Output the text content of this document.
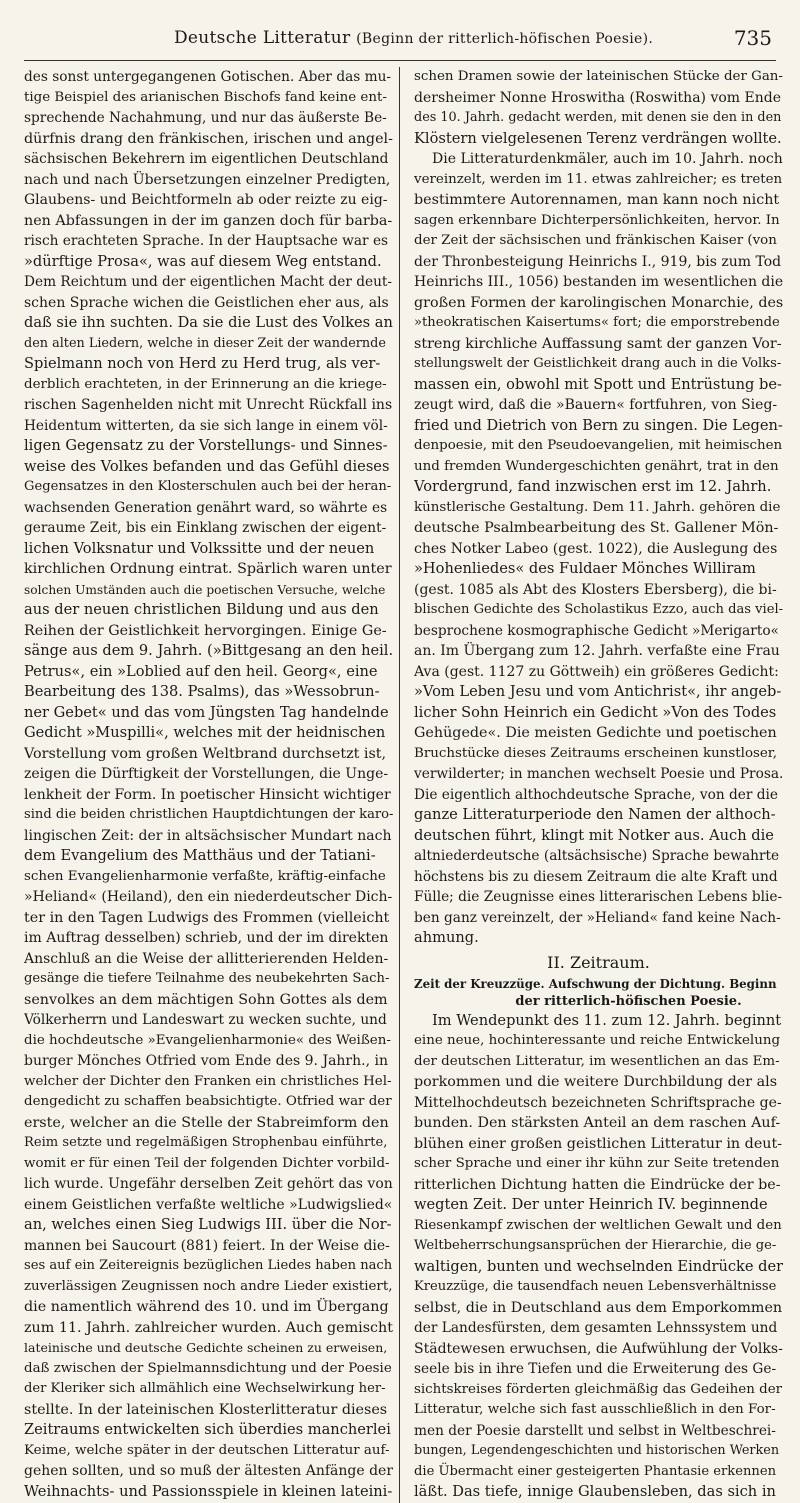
Deutsche Litteratur (Beginn der ritterlich-höfischen Poesie).	735
des sonst untergegangenen Gotischen. Aber das mu-
tige Beispiel des arianischen Bischofs fand keine ent-
sprechende Nachahmung, und nur das äußerste Be-
dürfnis drang den fränkischen, irischen und angel-
sächsischen Bekehrern im eigentlichen Deutschland
nach und nach Übersetzungen einzelner Predigten,
Glaubens- und Beichtformeln ab oder reizte zu eig-
nen Abfassungen in der im ganzen doch für barba-
risch erachteten Sprache. In der Hauptsache war es
»dürftige Prosa«, was auf diesem Weg entstand.
Dem Reichtum und der eigentlichen Macht der deut-
schen Sprache wichen die Geistlichen eher aus, als
daß sie ihn suchten. Da sie die Lust des Volkes an
den alten Liedern, welche in dieser Zeit der wandernde
Spielmann noch von Herd zu Herd trug, als ver-
derblich erachteten, in der Erinnerung an die kriege-
rischen Sagenhelden nicht mit Unrecht Rückfall ins
Heidentum witterten, da sie sich lange in einem völ-
ligen Gegensatz zu der Vorstellungs- und Sinnes-
weise des Volkes befanden und das Gefühl dieses
Gegensatzes in den Klosterschulen auch bei der heran-
wachsenden Generation genährt ward, so währte es
geraume Zeit, bis ein Einklang zwischen der eigent-
lichen Volksnatur und Volkssitte und der neuen
kirchlichen Ordnung eintrat. Spärlich waren unter
solchen Umständen auch die poetischen Versuche, welche
aus der neuen christlichen Bildung und aus den
Reihen der Geistlichkeit hervorgingen. Einige Ge-
sänge aus dem 9. Jahrh. (»Bittgesang an den heil.
Petrus«, ein »Loblied auf den heil. Georg«, eine
Bearbeitung des 138. Psalms), das »Wessobrun-
ner Gebet« und das vom Jüngsten Tag handelnde
Gedicht »Muspilli«, welches mit der heidnischen
Vorstellung vom großen Weltbrand durchsetzt ist,
zeigen die Dürftigkeit der Vorstellungen, die Unge-
lenkheit der Form. In poetischer Hinsicht wichtiger
sind die beiden christlichen Hauptdichtungen der karo-
lingischen Zeit: der in altsächsischer Mundart nach
dem Evangelium des Matthäus und der Tatiani-
schen Evangelienharmonie verfaßte, kräftig-einfache
»Heliand« (Heiland), den ein niederdeutscher Dich-
ter in den Tagen Ludwigs des Frommen (vielleicht
im Auftrag desselben) schrieb, und der im direkten
Anschluß an die Weise der allitterierenden Helden-
gesänge die tiefere Teilnahme des neubekehrten Sach-
senvolkes an dem mächtigen Sohn Gottes als dem
Völkerherrn und Landeswart zu wecken suchte, und
die hochdeutsche »Evangelienharmonie« des Weißen-
burger Mönches Otfried vom Ende des 9. Jahrh., in
welcher der Dichter den Franken ein christliches Hel-
dengedicht zu schaffen beabsichtigte. Otfried war der
erste, welcher an die Stelle der Stabreimform den
Reim setzte und regelmäßigen Strophenbau einführte,
womit er für einen Teil der folgenden Dichter vorbild-
lich wurde. Ungefähr derselben Zeit gehört das von
einem Geistlichen verfaßte weltliche »Ludwigslied«
an, welches einen Sieg Ludwigs III. über die Nor-
mannen bei Saucourt (881) feiert. In der Weise die-
ses auf ein Zeitereignis bezüglichen Liedes haben nach
zuverlässigen Zeugnissen noch andre Lieder existiert,
die namentlich während des 10. und im Übergang
zum 11. Jahrh. zahlreicher wurden. Auch gemischt
lateinische und deutsche Gedichte scheinen zu erweisen,
daß zwischen der Spielmannsdichtung und der Poesie
der Kleriker sich allmählich eine Wechselwirkung her-
stellte. In der lateinischen Klosterlitteratur dieses
Zeitraums entwickelten sich überdies mancherlei
Keime, welche später in der deutschen Litteratur auf-
gehen sollten, und so muß der ältesten Anfänge der
Weihnachts- und Passionsspiele in kleinen lateini-
schen Dramen sowie der lateinischen Stücke der Gan-
dersheimer Nonne Hroswitha (Roswitha) vom Ende
des 10. Jahrh. gedacht werden, mit denen sie den in den
Klöstern vielgelesenen Terenz verdrängen wollte.
Die Litteraturdenkmäler, auch im 10. Jahrh. noch
vereinzelt, werden im 11. etwas zahlreicher; es treten
bestimmtere Autorennamen, man kann noch nicht
sagen erkennbare Dichterpersönlichkeiten, hervor. In
der Zeit der sächsischen und fränkischen Kaiser (von
der Thronbesteigung Heinrichs I., 919, bis zum Tod
Heinrichs III., 1056) bestanden im wesentlichen die
großen Formen der karolingischen Monarchie, des
»theokratischen Kaisertums« fort; die emporstrebende
streng kirchliche Auffassung samt der ganzen Vor-
stellungswelt der Geistlichkeit drang auch in die Volks-
massen ein, obwohl mit Spott und Entrüstung be-
zeugt wird, daß die »Bauern« fortfuhren, von Sieg-
fried und Dietrich von Bern zu singen. Die Legen-
denpoesie, mit den Pseudoevangelien, mit heimischen
und fremden Wundergeschichten genährt, trat in den
Vordergrund, fand inzwischen erst im 12. Jahrh.
künstlerische Gestaltung. Dem 11. Jahrh. gehören die
deutsche Psalmbearbeitung des St. Gallener Mön-
ches Notker Labeo (gest. 1022), die Auslegung des
»Hohenliedes« des Fuldaer Mönches Williram
(gest. 1085 als Abt des Klosters Ebersberg), die bi-
blischen Gedichte des Scholastikus Ezzo, auch das viel-
besprochene kosmographische Gedicht »Merigarto«
an. Im Übergang zum 12. Jahrh. verfaßte eine Frau
Ava (gest. 1127 zu Göttweih) ein größeres Gedicht:
»Vom Leben Jesu und vom Antichrist«, ihr angeb-
licher Sohn Heinrich ein Gedicht »Von des Todes
Gehügede«. Die meisten Gedichte und poetischen
Bruchstücke dieses Zeitraums erscheinen kunstloser,
verwilderter; in manchen wechselt Poesie und Prosa.
Die eigentlich althochdeutsche Sprache, von der die
ganze Litteraturperiode den Namen der althoch-
deutschen führt, klingt mit Notker aus. Auch die
altniederdeutsche (altsächsische) Sprache bewahrte
höchstens bis zu diesem Zeitraum die alte Kraft und
Fülle; die Zeugnisse eines litterarischen Lebens blie-
ben ganz vereinzelt, der »Heliand« fand keine Nach-
ahmung.
II. Zeitraum.
Zeit der Kreuzzüge. Aufschwung der Dichtung. Beginn
der ritterlich-höfischen Poesie.
Im Wendepunkt des 11. zum 12. Jahrh. beginnt
eine neue, hochinteressante und reiche Entwickelung
der deutschen Litteratur, im wesentlichen an das Em-
porkommen und die weitere Durchbildung der als
Mittelhochdeutsch bezeichneten Schriftsprache ge-
bunden. Den stärksten Anteil an dem raschen Auf-
blühen einer großen geistlichen Litteratur in deut-
scher Sprache und einer ihr kühn zur Seite tretenden
ritterlichen Dichtung hatten die Eindrücke der be-
wegten Zeit. Der unter Heinrich IV. beginnende
Riesenkampf zwischen der weltlichen Gewalt und den
Weltbeherrschungsansprüchen der Hierarchie, die ge-
waltigen, bunten und wechselnden Eindrücke der
Kreuzzüge, die tausendfach neuen Lebensverhältnisse
selbst, die in Deutschland aus dem Emporkommen
der Landesfürsten, dem gesamten Lehnssystem und
Städtewesen erwuchsen, die Aufwühlung der Volks-
seele bis in ihre Tiefen und die Erweiterung des Ge-
sichtskreises förderten gleichmäßig das Gedeihen der
Litteratur, welche sich fast ausschließlich in den For-
men der Poesie darstellt und selbst in Weltbeschrei-
bungen, Legendengeschichten und historischen Werken
die Übermacht einer gesteigerten Phantasie erkennen
läßt. Das tiefe, innige Glaubensleben, das sich in
